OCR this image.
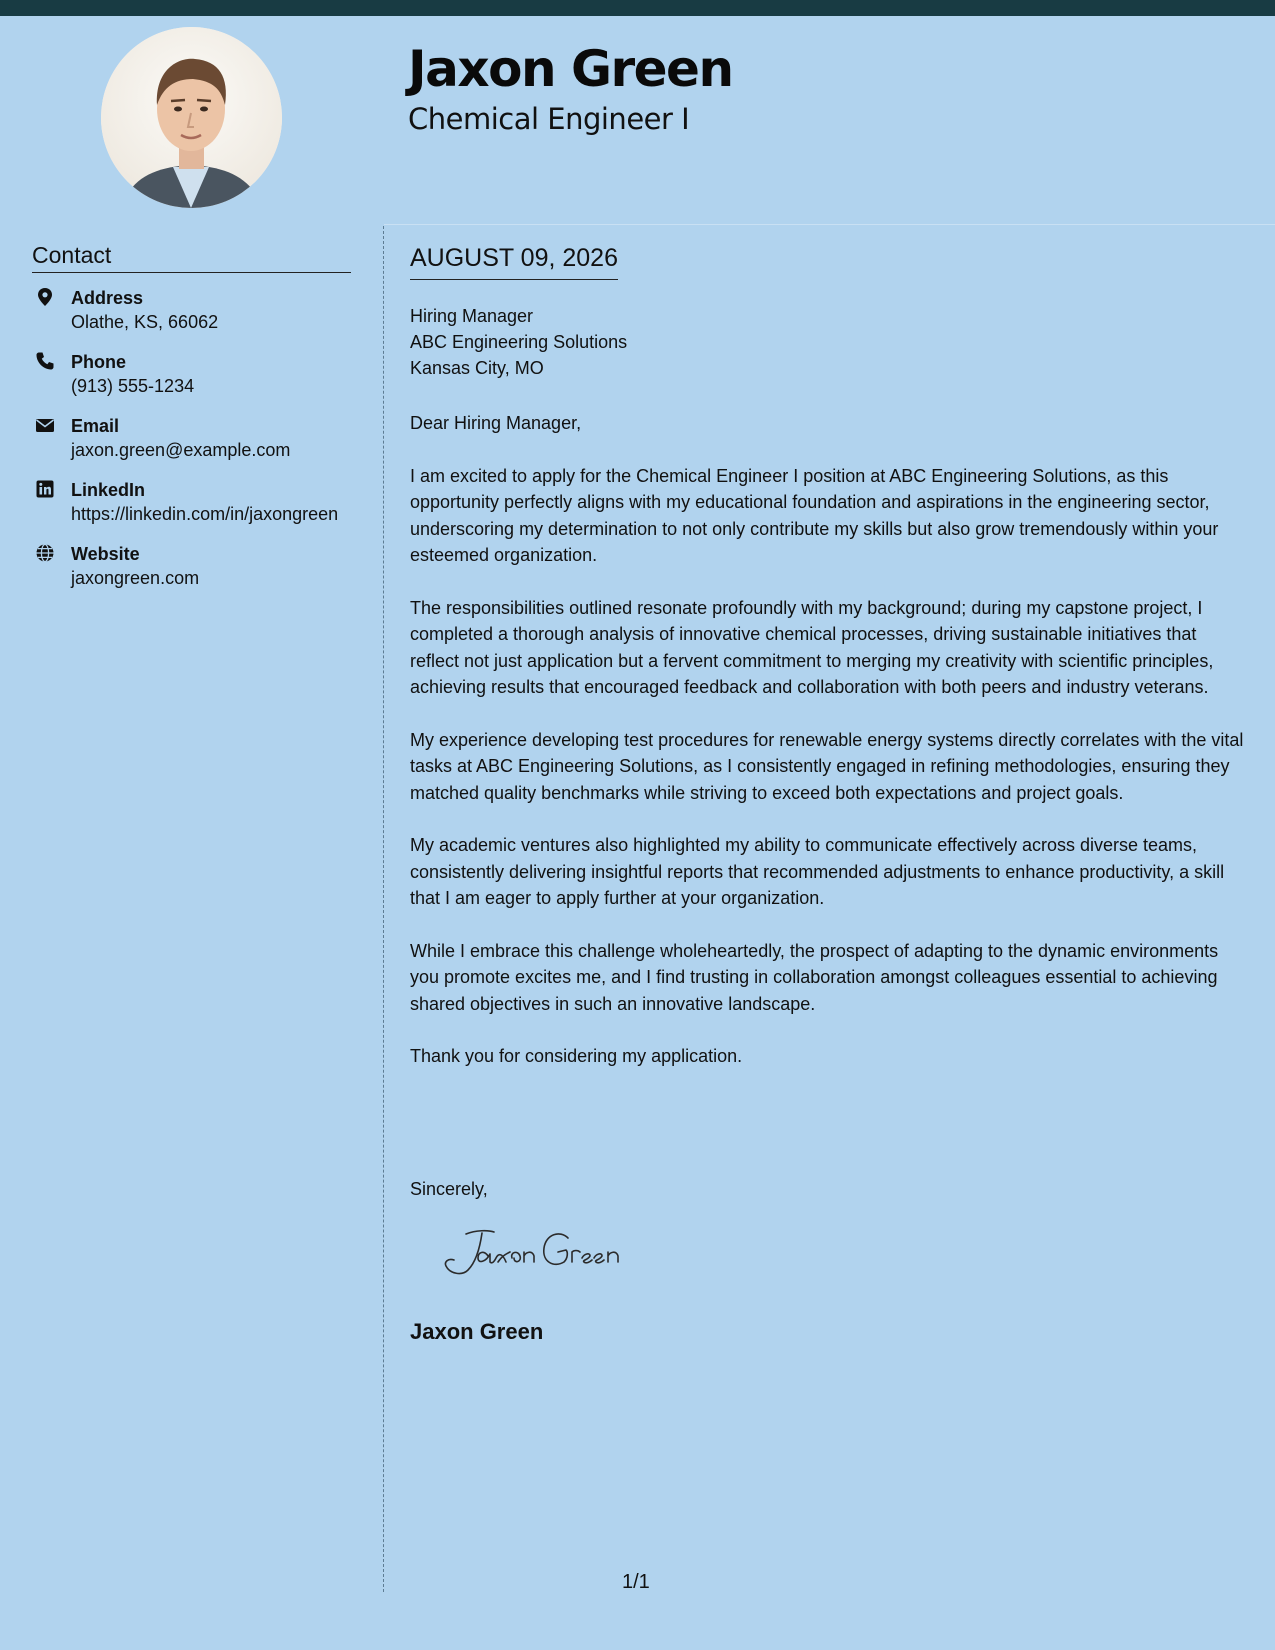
Jaxon Green
Chemical Engineer I
Contact
Address
Olathe, KS, 66062
Phone
(913) 555-1234
Email
jaxon.green@example.com
LinkedIn
https://linkedin.com/in/jaxongreen
Website
jaxongreen.com
AUGUST 09, 2026
Hiring Manager
ABC Engineering Solutions
Kansas City, MO

Dear Hiring Manager,

I am excited to apply for the Chemical Engineer I position at ABC Engineering Solutions, as this opportunity perfectly aligns with my educational foundation and aspirations in the engineering sector, underscoring my determination to not only contribute my skills but also grow tremendously within your esteemed organization.

The responsibilities outlined resonate profoundly with my background; during my capstone project, I completed a thorough analysis of innovative chemical processes, driving sustainable initiatives that reflect not just application but a fervent commitment to merging my creativity with scientific principles, achieving results that encouraged feedback and collaboration with both peers and industry veterans.

My experience developing test procedures for renewable energy systems directly correlates with the vital tasks at ABC Engineering Solutions, as I consistently engaged in refining methodologies, ensuring they matched quality benchmarks while striving to exceed both expectations and project goals.

My academic ventures also highlighted my ability to communicate effectively across diverse teams, consistently delivering insightful reports that recommended adjustments to enhance productivity, a skill that I am eager to apply further at your organization.

While I embrace this challenge wholeheartedly, the prospect of adapting to the dynamic environments you promote excites me, and I find trusting in collaboration amongst colleagues essential to achieving shared objectives in such an innovative landscape.

Thank you for considering my application.

Sincerely,
Jaxon Green
1/1
